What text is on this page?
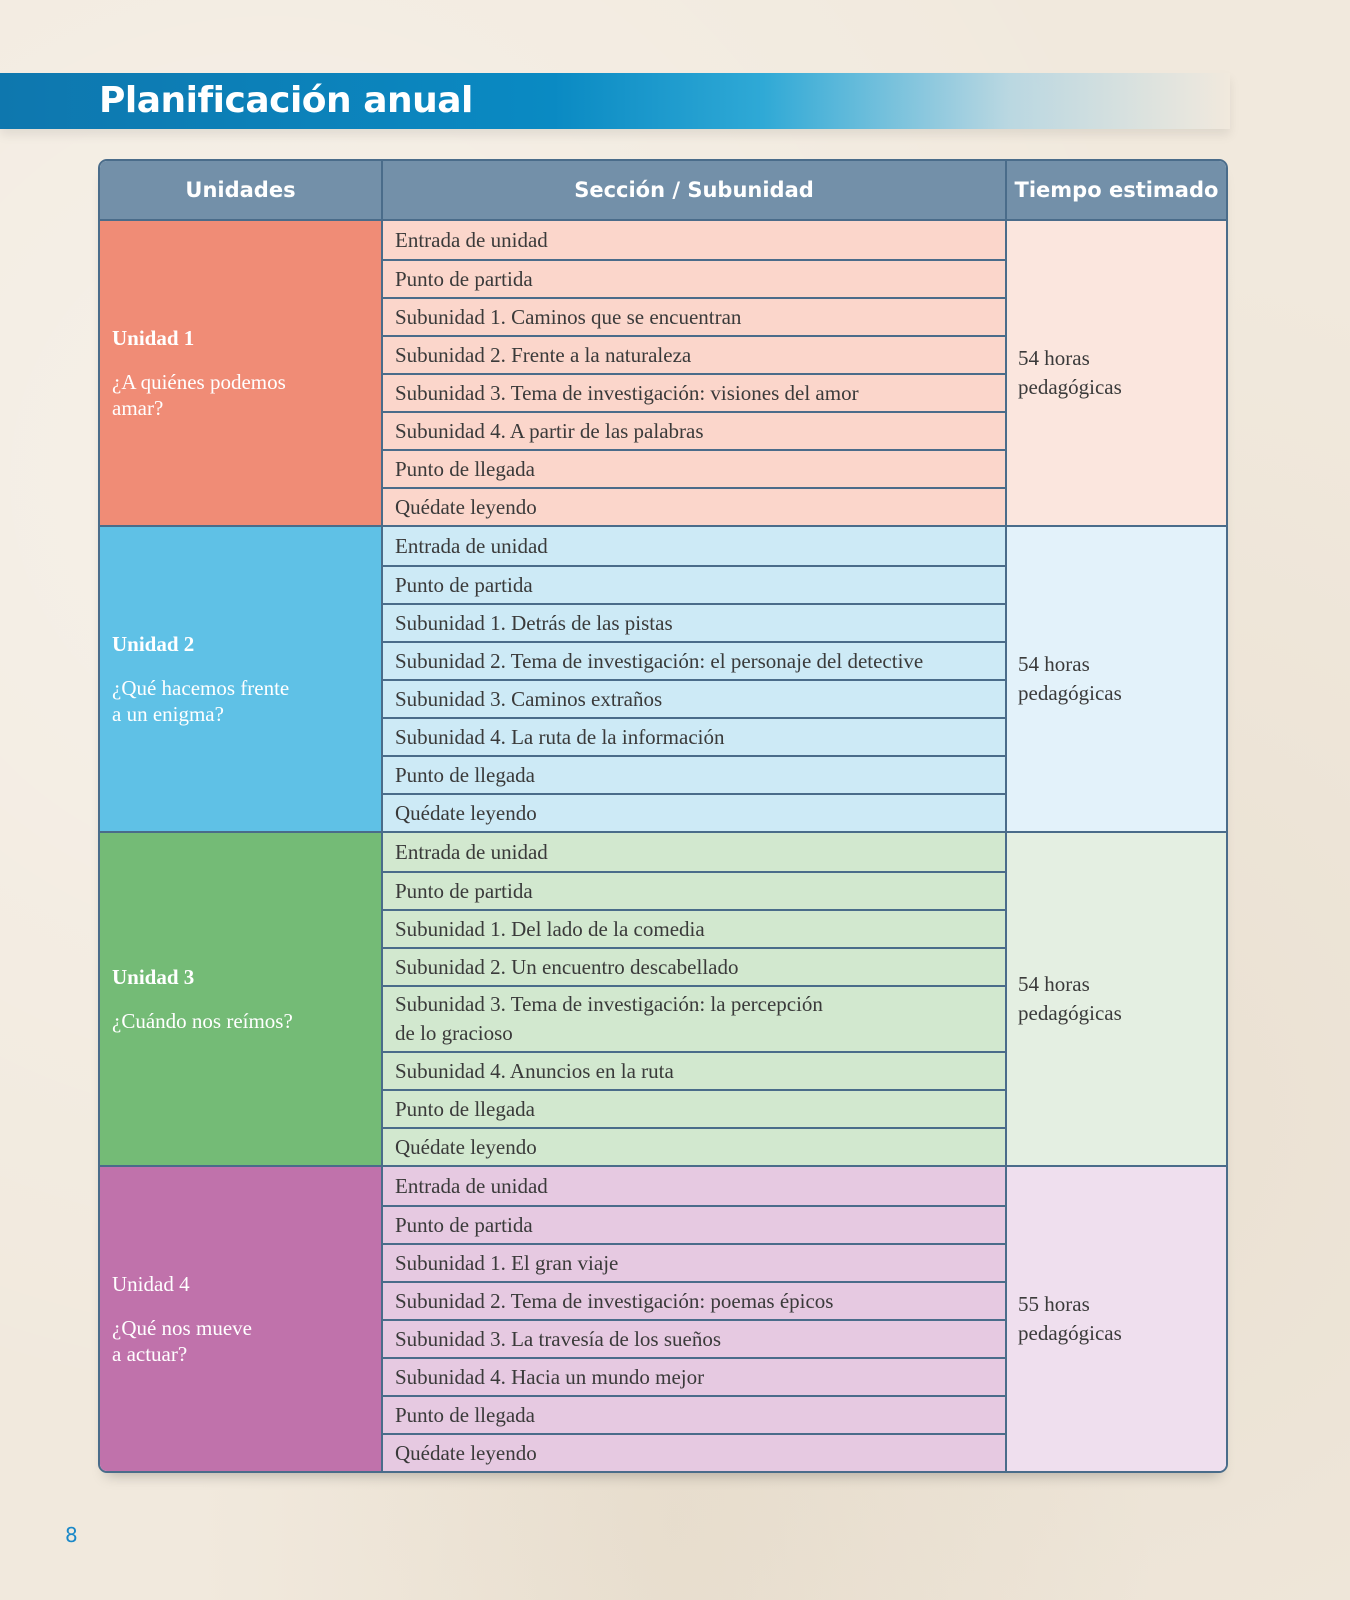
Planificación anual
Unidades	Sección / Subunidad	Tiempo estimado
Unidad 1
¿A quiénes podemos
amar?
Entrada de unidad
Punto de partida
Subunidad 1. Caminos que se encuentran
Subunidad 2. Frente a la naturaleza
Subunidad 3. Tema de investigación: visiones del amor
Subunidad 4. A partir de las palabras
Punto de llegada
Quédate leyendo
54 horas
pedagógicas
Unidad 2
¿Qué hacemos frente
a un enigma?
Entrada de unidad
Punto de partida
Subunidad 1. Detrás de las pistas
Subunidad 2. Tema de investigación: el personaje del detective
Subunidad 3. Caminos extraños
Subunidad 4. La ruta de la información
Punto de llegada
Quédate leyendo
54 horas
pedagógicas
Unidad 3
¿Cuándo nos reímos?
Entrada de unidad
Punto de partida
Subunidad 1. Del lado de la comedia
Subunidad 2. Un encuentro descabellado
Subunidad 3. Tema de investigación: la percepción
de lo gracioso
Subunidad 4. Anuncios en la ruta
Punto de llegada
Quédate leyendo
54 horas
pedagógicas
Unidad 4
¿Qué nos mueve
a actuar?
Entrada de unidad
Punto de partida
Subunidad 1. El gran viaje
Subunidad 2. Tema de investigación: poemas épicos
Subunidad 3. La travesía de los sueños
Subunidad 4. Hacia un mundo mejor
Punto de llegada
Quédate leyendo
55 horas
pedagógicas
8
